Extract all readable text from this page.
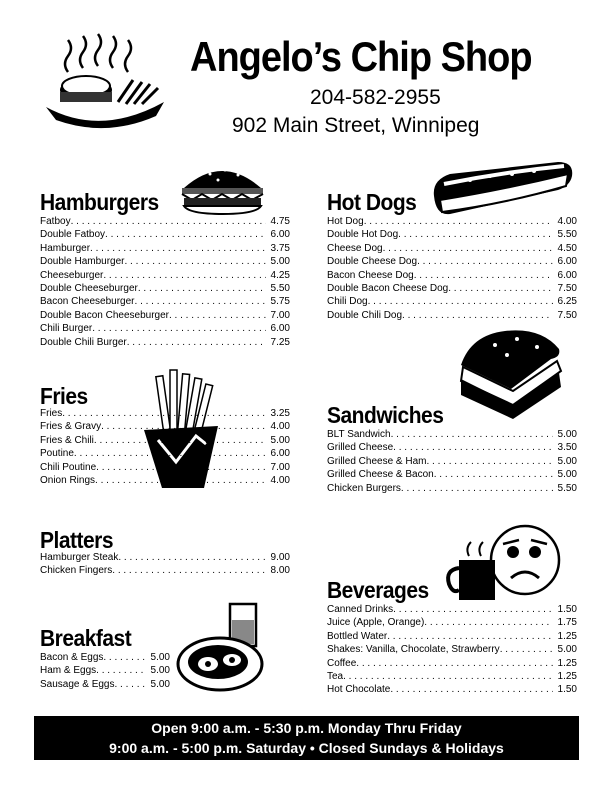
Angelo’s Chip Shop
204-582-2955
902 Main Street, Winnipeg
Hamburgers
Fatboy . . .	4.75
Double Fatboy . . .	6.00
Hamburger . . .	3.75
Double Hamburger . . .	5.00
Cheeseburger . . .	4.25
Double Cheeseburger . . .	5.50
Bacon Cheeseburger . . .	5.75
Double Bacon Cheeseburger . . .	7.00
Chili Burger . . .	6.00
Double Chili Burger . . .	7.25
Hot Dogs
Hot Dog . . .	4.00
Double Hot Dog . . .	5.50
Cheese Dog . . .	4.50
Double Cheese Dog . . .	6.00
Bacon Cheese Dog . . .	6.00
Double Bacon Cheese Dog . . .	7.50
Chili Dog . . .	6.25
Double Chili Dog . . .	7.50
Fries
Fries . . .	3.25
Fries & Gravy . . .	4.00
Fries & Chili . . .	5.00
Poutine . . .	6.00
Chili Poutine . . .	7.00
Onion Rings . . .	4.00
Sandwiches
BLT Sandwich . . .	5.00
Grilled Cheese . . .	3.50
Grilled Cheese & Ham . . .	5.00
Grilled Cheese & Bacon . . .	5.00
Chicken Burgers . . .	5.50
Platters
Hamburger Steak . . .	9.00
Chicken Fingers . . .	8.00
Beverages
Canned Drinks . . .	1.50
Juice (Apple, Orange) . . .	1.75
Bottled Water . . .	1.25
Shakes: Vanilla, Chocolate, Strawberry . . .	5.00
Coffee . . .	1.25
Tea . . .	1.25
Hot Chocolate . . .	1.50
Breakfast
Bacon & Eggs . . .	5.00
Ham & Eggs . . .	5.00
Sausage & Eggs . . .	5.00
Open 9:00 a.m. - 5:30 p.m. Monday Thru Friday
9:00 a.m. - 5:00 p.m. Saturday • Closed Sundays & Holidays
